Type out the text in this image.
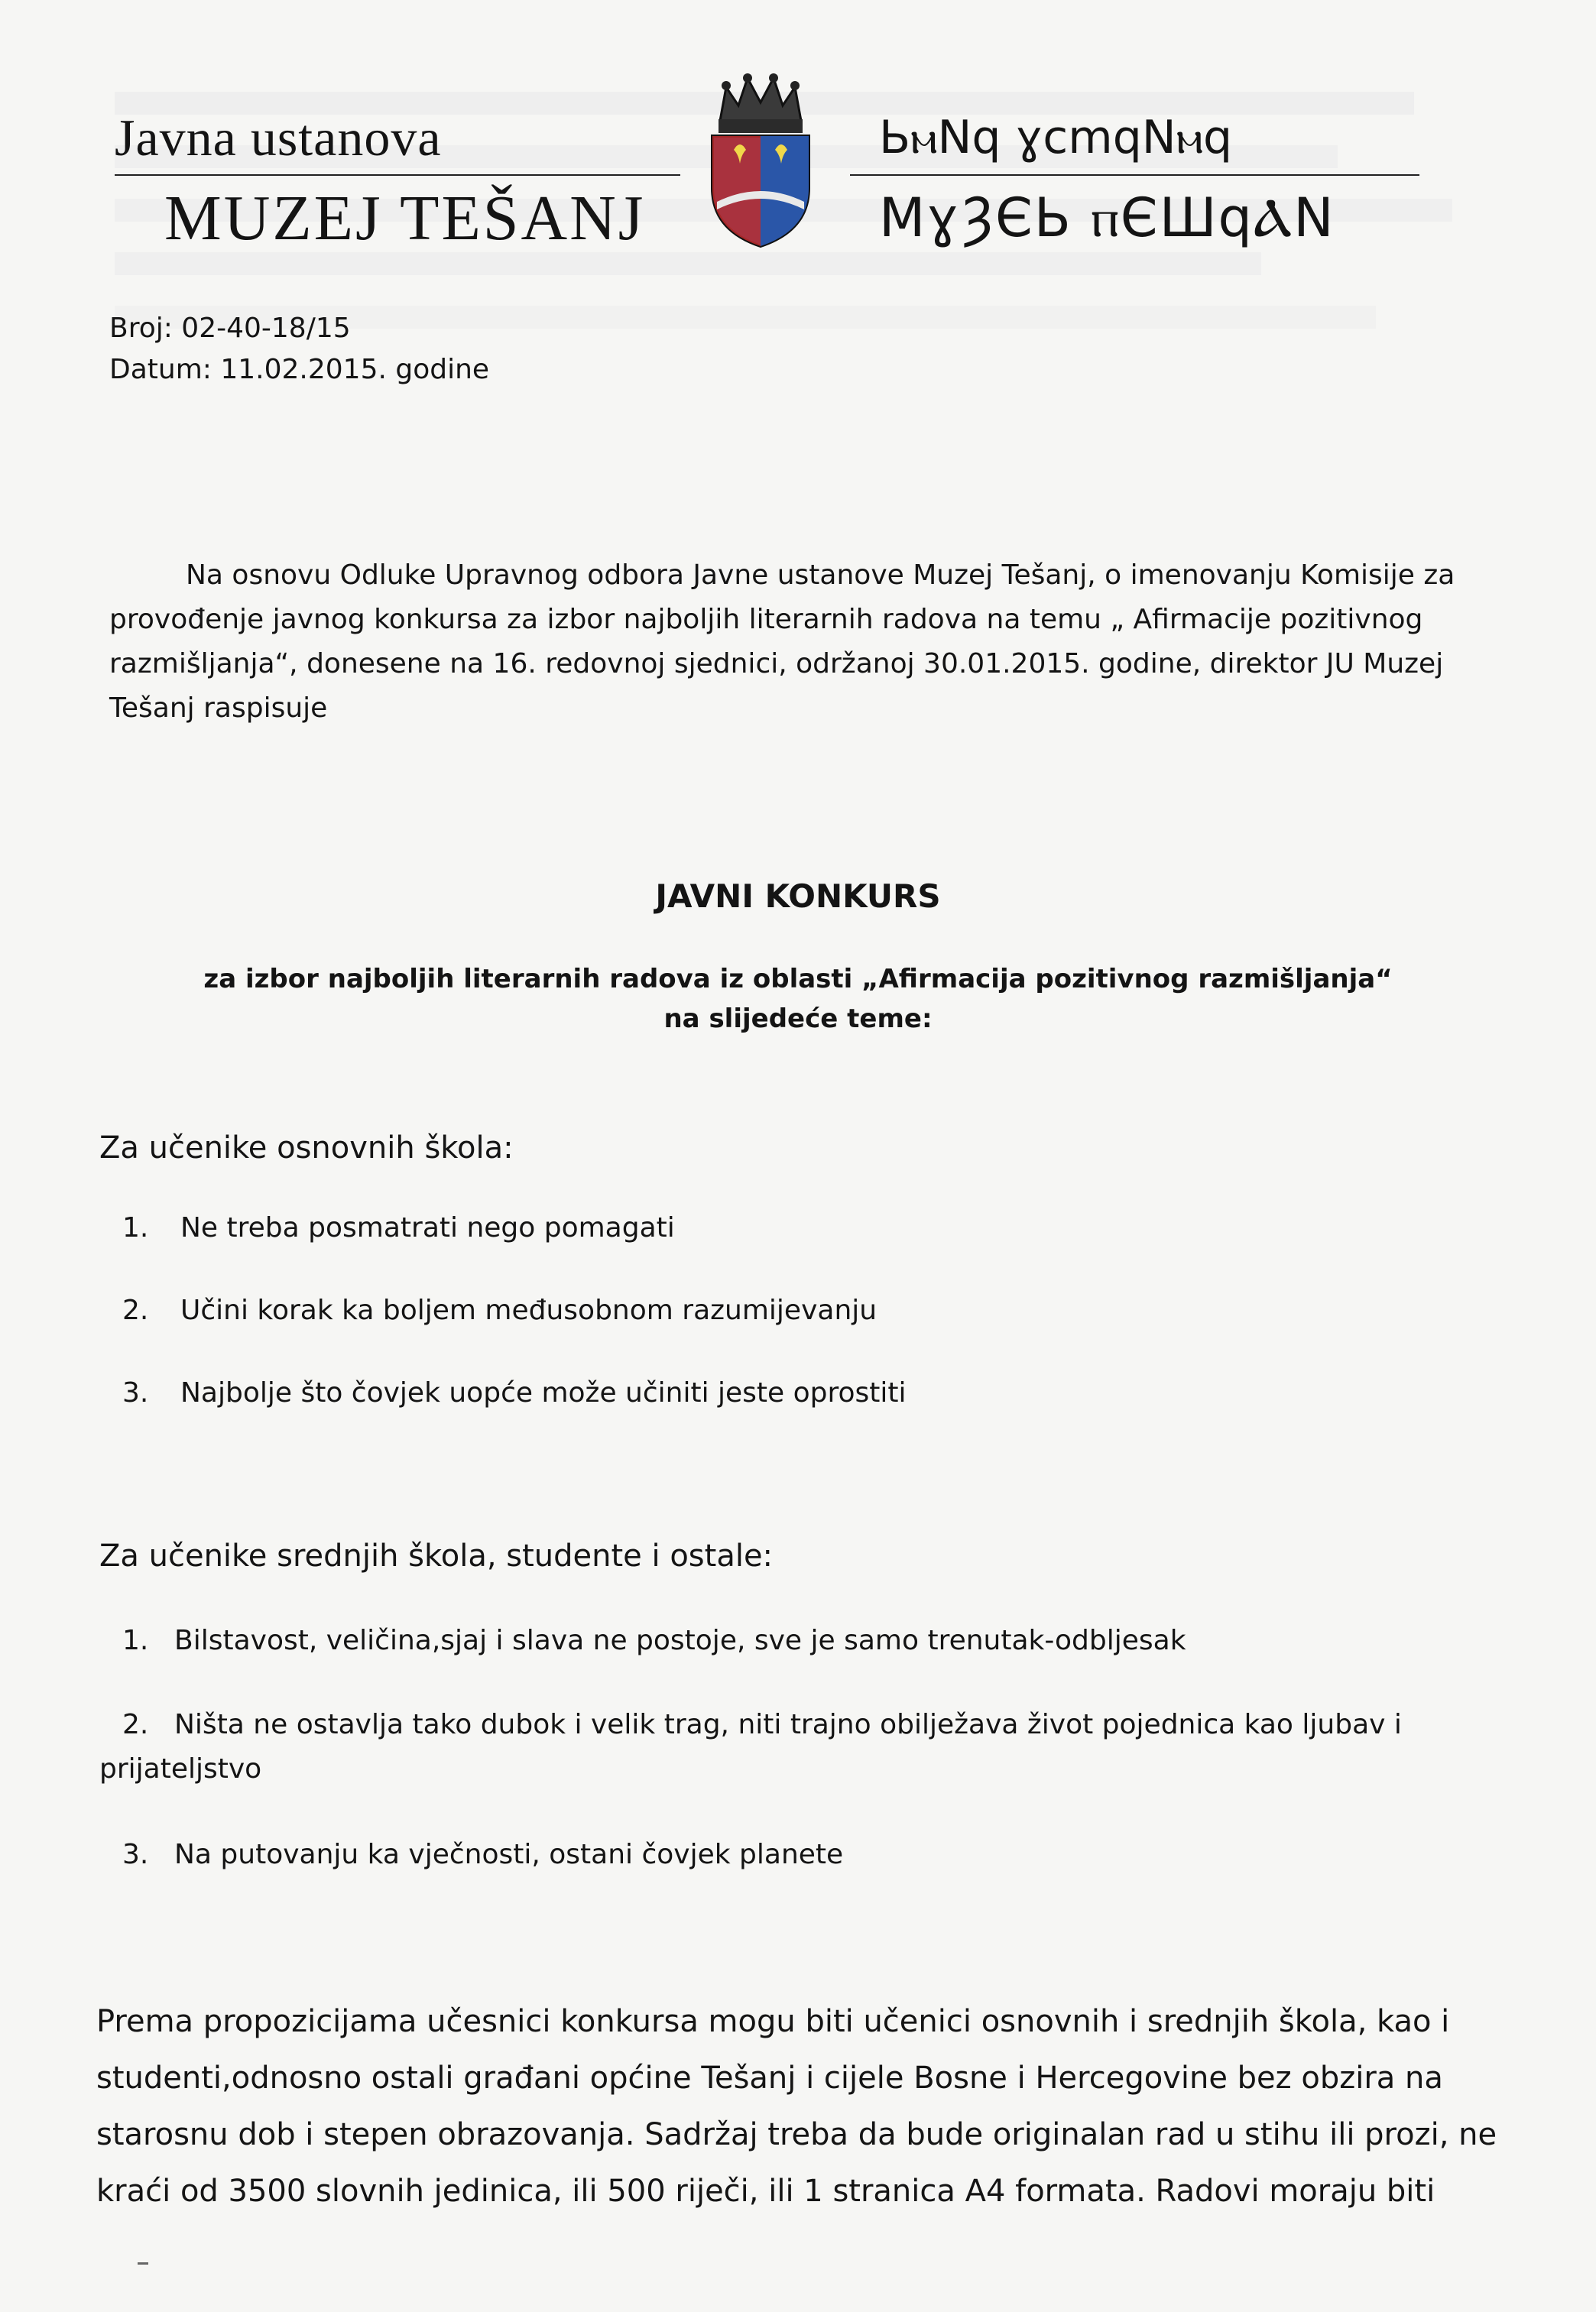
Javna ustanova
MUZEJ TEŠANJ
ЬⲙNԛ ɣcmԛNⲙԛ
MɣȜЄЬ ⲡЄШԛⲀN
Broj: 02-40-18/15
Datum: 11.02.2015. godine
Na osnovu Odluke Upravnog odbora Javne ustanove Muzej Tešanj, o imenovanju Komisije za
provođenje javnog konkursa za izbor najboljih literarnih radova na temu „ Afirmacije pozitivnog
razmišljanja“, donesene na 16. redovnoj sjednici, održanoj 30.01.2015. godine, direktor JU Muzej
Tešanj raspisuje
JAVNI KONKURS
za izbor najboljih literarnih radova iz oblasti „Afirmacija pozitivnog razmišljanja“
na slijedeće teme:
Za učenike osnovnih škola:
1. Ne treba posmatrati nego pomagati
2. Učini korak ka boljem međusobnom razumijevanju
3. Najbolje što čovjek uopće može učiniti jeste oprostiti
Za učenike srednjih škola, studente i ostale:
1. Bilstavost, veličina,sjaj i slava ne postoje, sve je samo trenutak-odbljesak
2. Ništa ne ostavlja tako dubok i velik trag, niti trajno obilježava život pojednica kao ljubav i
prijateljstvo
3. Na putovanju ka vječnosti, ostani čovjek planete
Prema propozicijama učesnici konkursa mogu biti učenici osnovnih i srednjih škola, kao i
studenti,odnosno ostali građani općine Tešanj i cijele Bosne i Hercegovine bez obzira na
starosnu dob i stepen obrazovanja. Sadržaj treba da bude originalan rad u stihu ili prozi, ne
kraći od 3500 slovnih jedinica, ili 500 riječi, ili 1 stranica A4 formata. Radovi moraju biti
